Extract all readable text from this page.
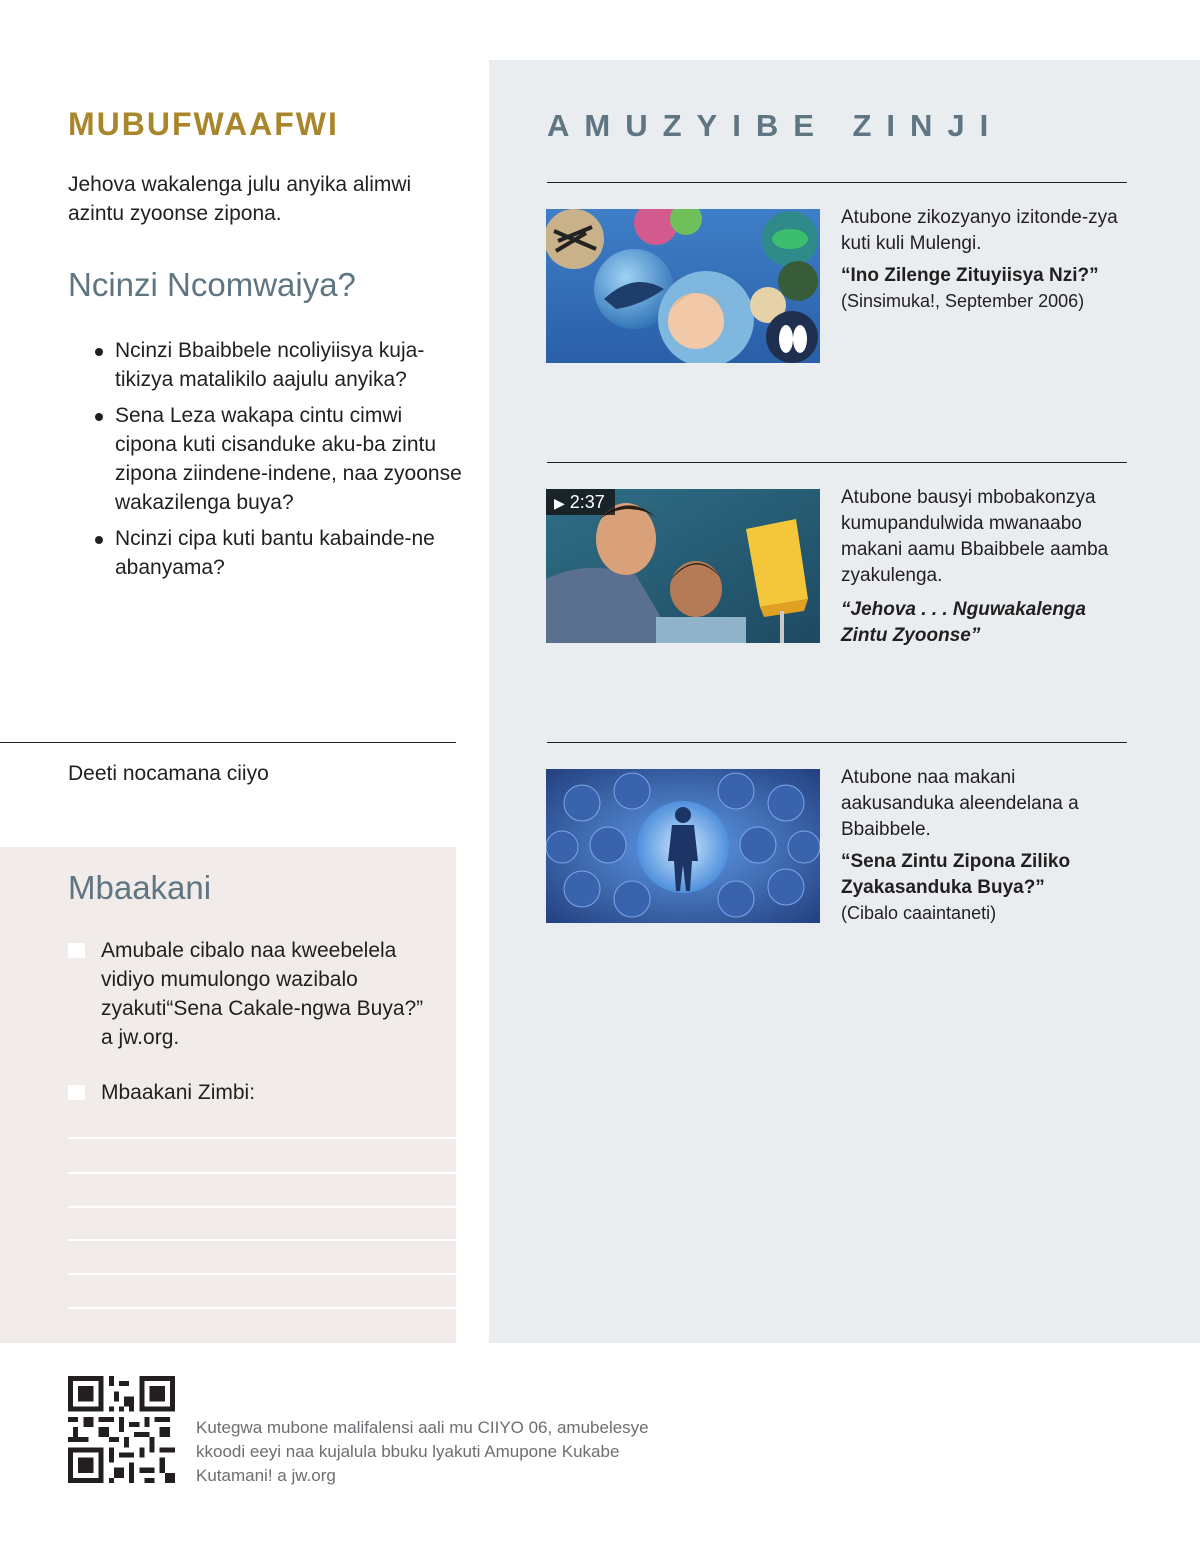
MUBUFWAAFWI
Jehova wakalenga julu anyika alimwi azintu zyoonse zipona.
Ncinzi Ncomwaiya?
Ncinzi Bbaibbele ncoliyiisya kuja-tikizya matalikilo aajulu anyika?
Sena Leza wakapa cintu cimwi cipona kuti cisanduke aku-ba zintu zipona ziindene-indene, naa zyoonse wakazilenga buya?
Ncinzi cipa kuti bantu kabainde-ne abanyama?
Deeti nocamana ciiyo
Mbaakani
Amubale cibalo naa kweebelela vidiyo mumulongo wazibalo zyakuti“Sena Cakale-ngwa Buya?” a jw.org.
Mbaakani Zimbi:
AMUZYIBE ZINJI
Atubone zikozyanyo izitonde-zya kuti kuli Mulengi.
“Ino Zilenge Zituyiisya Nzi?”
(Sinsimuka!, September 2006)
▶ 2:37	Atubone bausyi mbobakonzya kumupandulwida mwanaabo makani aamu Bbaibbele aamba zyakulenga.
“Jehova . . . Nguwakalenga Zintu Zyoonse”
Atubone naa makani aakusanduka aleendelana a Bbaibbele.
“Sena Zintu Zipona Ziliko Zyakasanduka Buya?”
(Cibalo caaintaneti)
Kutegwa mubone malifalensi aali mu CIIYO 06, amubelesye kkoodi eeyi naa kujalula bbuku lyakuti Amupone Kukabe Kutamani! a jw.org
